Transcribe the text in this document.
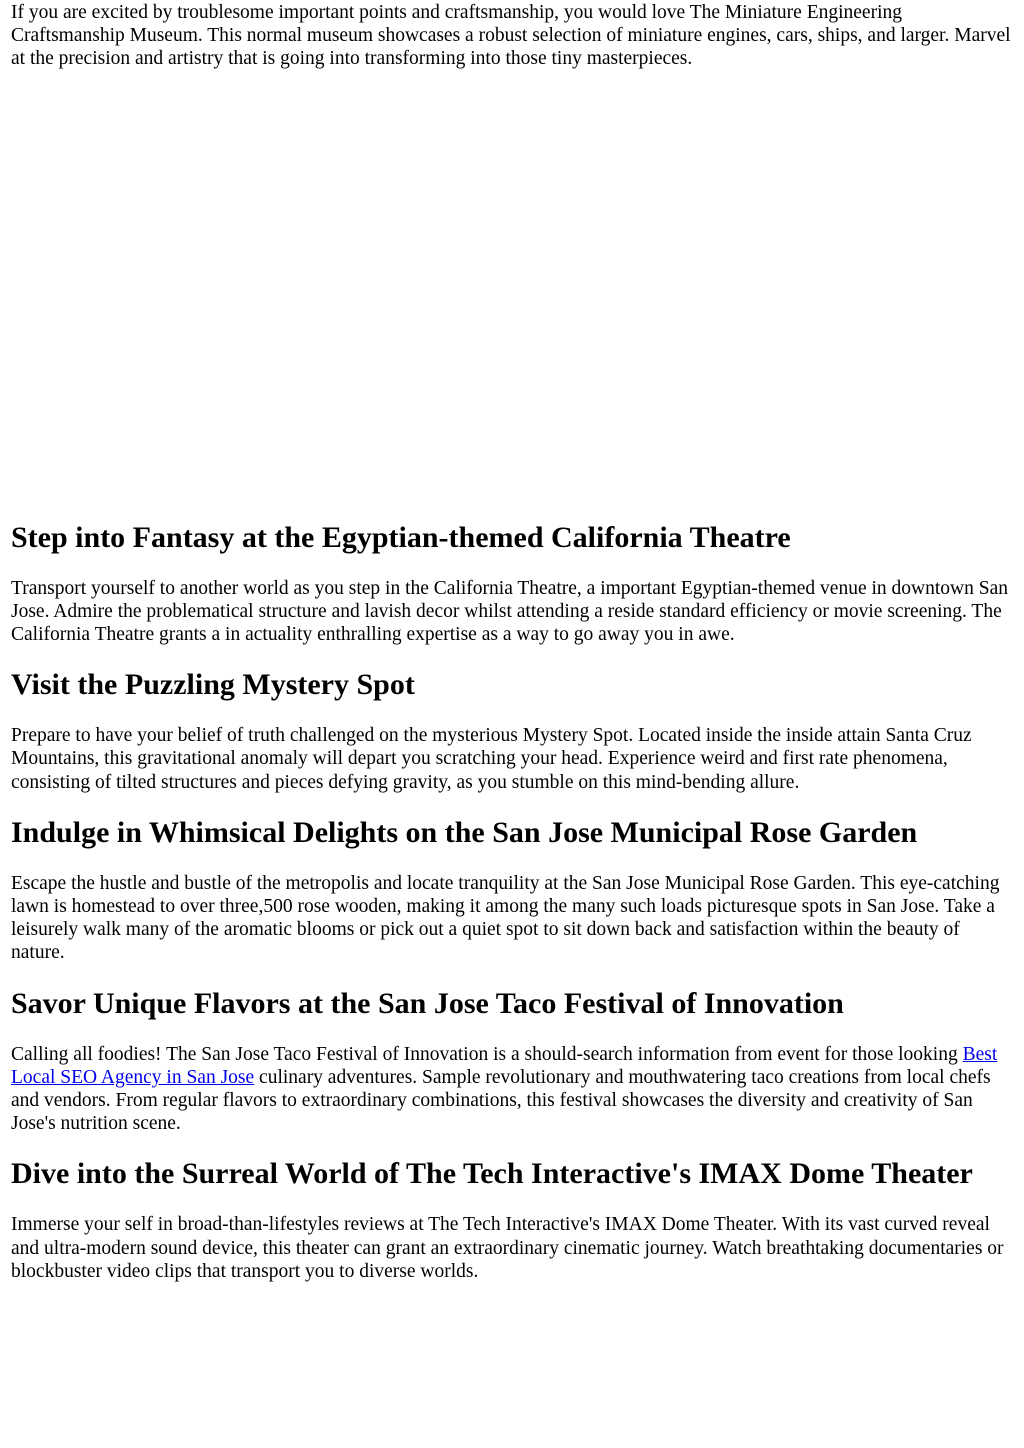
If you are excited by troublesome important points and craftsmanship, you would love The Miniature Engineering Craftsmanship Museum. This normal museum showcases a robust selection of miniature engines, cars, ships, and larger. Marvel at the precision and artistry that is going into transforming into those tiny masterpieces.

Step into Fantasy at the Egyptian-themed California Theatre

Transport yourself to another world as you step in the California Theatre, a important Egyptian-themed venue in downtown San Jose. Admire the problematical structure and lavish decor whilst attending a reside standard efficiency or movie screening. The California Theatre grants a in actuality enthralling expertise as a way to go away you in awe.

Visit the Puzzling Mystery Spot

Prepare to have your belief of truth challenged on the mysterious Mystery Spot. Located inside the inside attain Santa Cruz Mountains, this gravitational anomaly will depart you scratching your head. Experience weird and first rate phenomena, consisting of tilted structures and pieces defying gravity, as you stumble on this mind-bending allure.

Indulge in Whimsical Delights on the San Jose Municipal Rose Garden

Escape the hustle and bustle of the metropolis and locate tranquility at the San Jose Municipal Rose Garden. This eye-catching lawn is homestead to over three,500 rose wooden, making it among the many such loads picturesque spots in San Jose. Take a leisurely walk many of the aromatic blooms or pick out a quiet spot to sit down back and satisfaction within the beauty of nature.

Savor Unique Flavors at the San Jose Taco Festival of Innovation

Calling all foodies! The San Jose Taco Festival of Innovation is a should-search information from event for those looking Best Local SEO Agency in San Jose culinary adventures. Sample revolutionary and mouthwatering taco creations from local chefs and vendors. From regular flavors to extraordinary combinations, this festival showcases the diversity and creativity of San Jose's nutrition scene.

Dive into the Surreal World of The Tech Interactive's IMAX Dome Theater

Immerse your self in broad-than-lifestyles reviews at The Tech Interactive's IMAX Dome Theater. With its vast curved reveal and ultra-modern sound device, this theater can grant an extraordinary cinematic journey. Watch breathtaking documentaries or blockbuster video clips that transport you to diverse worlds.
